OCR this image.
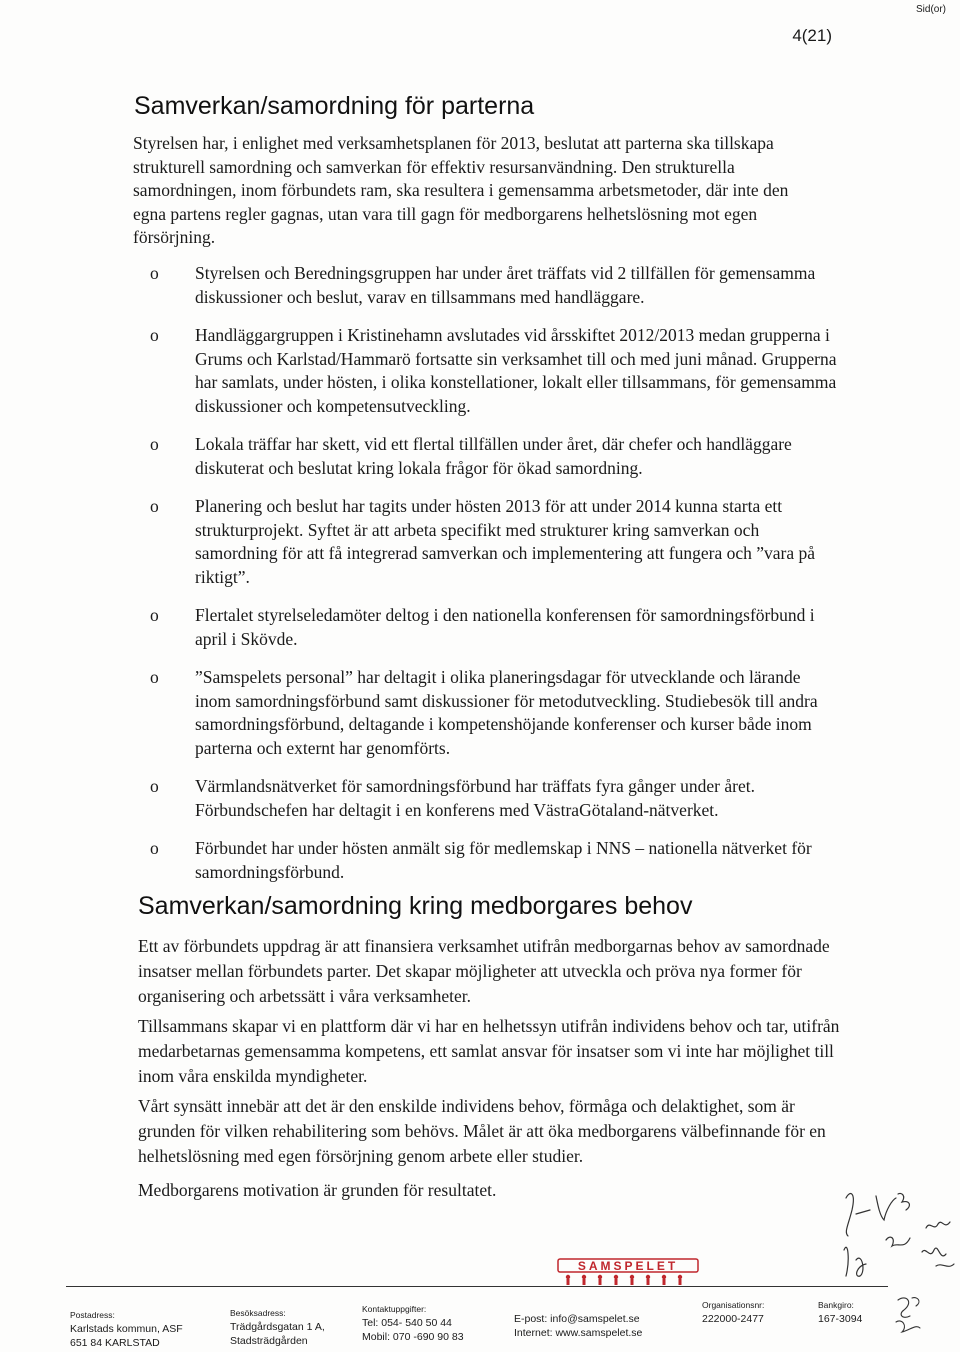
Sid(or)
4(21)
Samverkan/samordning för parterna
Styrelsen har, i enlighet med verksamhetsplanen för 2013, beslutat att parterna ska tillskapa strukturell samordning och samverkan för effektiv resursanvändning. Den strukturella samordningen, inom förbundets ram, ska resultera i gemensamma arbetsmetoder, där inte den egna partens regler gagnas, utan vara till gagn för medborgarens helhetslösning mot egen försörjning.
o Styrelsen och Beredningsgruppen har under året träffats vid 2 tillfällen för gemensamma diskussioner och beslut, varav en tillsammans med handläggare.
o Handläggargruppen i Kristinehamn avslutades vid årsskiftet 2012/2013 medan grupperna i Grums och Karlstad/Hammarö fortsatte sin verksamhet till och med juni månad. Grupperna har samlats, under hösten, i olika konstellationer, lokalt eller tillsammans, för gemensamma diskussioner och kompetensutveckling.
o Lokala träffar har skett, vid ett flertal tillfällen under året, där chefer och handläggare diskuterat och beslutat kring lokala frågor för ökad samordning.
o Planering och beslut har tagits under hösten 2013 för att under 2014 kunna starta ett strukturprojekt. Syftet är att arbeta specifikt med strukturer kring samverkan och samordning för att få integrerad samverkan och implementering att fungera och ”vara på riktigt”.
o Flertalet styrelseledamöter deltog i den nationella konferensen för samordningsförbund i april i Skövde.
o ”Samspelets personal” har deltagit i olika planeringsdagar för utvecklande och lärande inom samordningsförbund samt diskussioner för metodutveckling. Studiebesök till andra samordningsförbund, deltagande i kompetenshöjande konferenser och kurser både inom parterna och externt har genomförts.
o Värmlandsnätverket för samordningsförbund har träffats fyra gånger under året. Förbundschefen har deltagit i en konferens med VästraGötaland-nätverket.
o Förbundet har under hösten anmält sig för medlemskap i NNS – nationella nätverket för samordningsförbund.
Samverkan/samordning kring medborgares behov
Ett av förbundets uppdrag är att finansiera verksamhet utifrån medborgarnas behov av samordnade insatser mellan förbundets parter. Det skapar möjligheter att utveckla och pröva nya former för organisering och arbetssätt i våra verksamheter.
Tillsammans skapar vi en plattform där vi har en helhetssyn utifrån individens behov och tar, utifrån medarbetarnas gemensamma kompetens, ett samlat ansvar för insatser som vi inte har möjlighet till inom våra enskilda myndigheter.
Vårt synsätt innebär att det är den enskilde individens behov, förmåga och delaktighet, som är grunden för vilken rehabilitering som behövs. Målet är att öka medborgarens välbefinnande för en helhetslösning med egen försörjning genom arbete eller studier.
Medborgarens motivation är grunden för resultatet.
SAMSPELET
Postadress:
Karlstads kommun, ASF
651 84 KARLSTAD
Besöksadress:
Trädgårdsgatan 1 A,
Stadsträdgården
Kontaktuppgifter:
Tel: 054- 540 50 44
Mobil: 070 -690 90 83
E-post: info@samspelet.se
Internet: www.samspelet.se
Organisationsnr:
222000-2477
Bankgiro:
167-3094
